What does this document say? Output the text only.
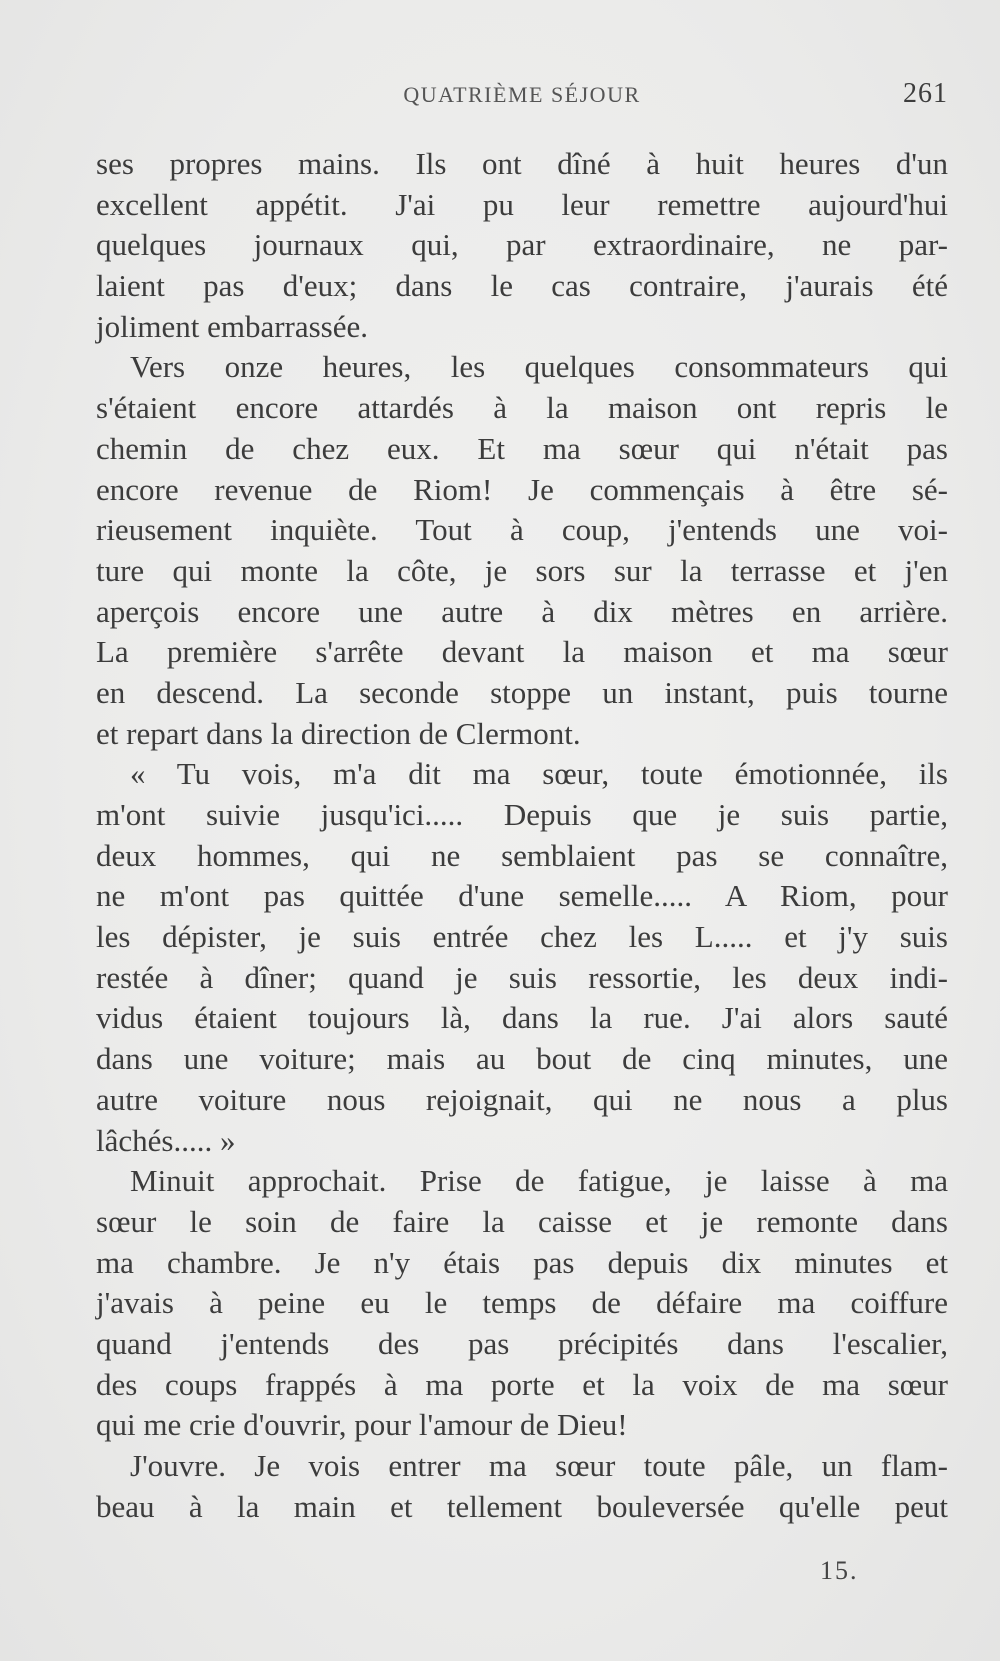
QUATRIÈME SÉJOUR	261
ses propres mains. Ils ont dîné à huit heures d'un
excellent appétit. J'ai pu leur remettre aujourd'hui
quelques journaux qui, par extraordinaire, ne par-
laient pas d'eux; dans le cas contraire, j'aurais été
joliment embarrassée.
Vers onze heures, les quelques consommateurs qui
s'étaient encore attardés à la maison ont repris le
chemin de chez eux. Et ma sœur qui n'était pas
encore revenue de Riom! Je commençais à être sé-
rieusement inquiète. Tout à coup, j'entends une voi-
ture qui monte la côte, je sors sur la terrasse et j'en
aperçois encore une autre à dix mètres en arrière.
La première s'arrête devant la maison et ma sœur
en descend. La seconde stoppe un instant, puis tourne
et repart dans la direction de Clermont.
« Tu vois, m'a dit ma sœur, toute émotionnée, ils
m'ont suivie jusqu'ici..... Depuis que je suis partie,
deux hommes, qui ne semblaient pas se connaître,
ne m'ont pas quittée d'une semelle..... A Riom, pour
les dépister, je suis entrée chez les L..... et j'y suis
restée à dîner; quand je suis ressortie, les deux indi-
vidus étaient toujours là, dans la rue. J'ai alors sauté
dans une voiture; mais au bout de cinq minutes, une
autre voiture nous rejoignait, qui ne nous a plus
lâchés..... »
Minuit approchait. Prise de fatigue, je laisse à ma
sœur le soin de faire la caisse et je remonte dans
ma chambre. Je n'y étais pas depuis dix minutes et
j'avais à peine eu le temps de défaire ma coiffure
quand j'entends des pas précipités dans l'escalier,
des coups frappés à ma porte et la voix de ma sœur
qui me crie d'ouvrir, pour l'amour de Dieu!
J'ouvre. Je vois entrer ma sœur toute pâle, un flam-
beau à la main et tellement bouleversée qu'elle peut
15.
